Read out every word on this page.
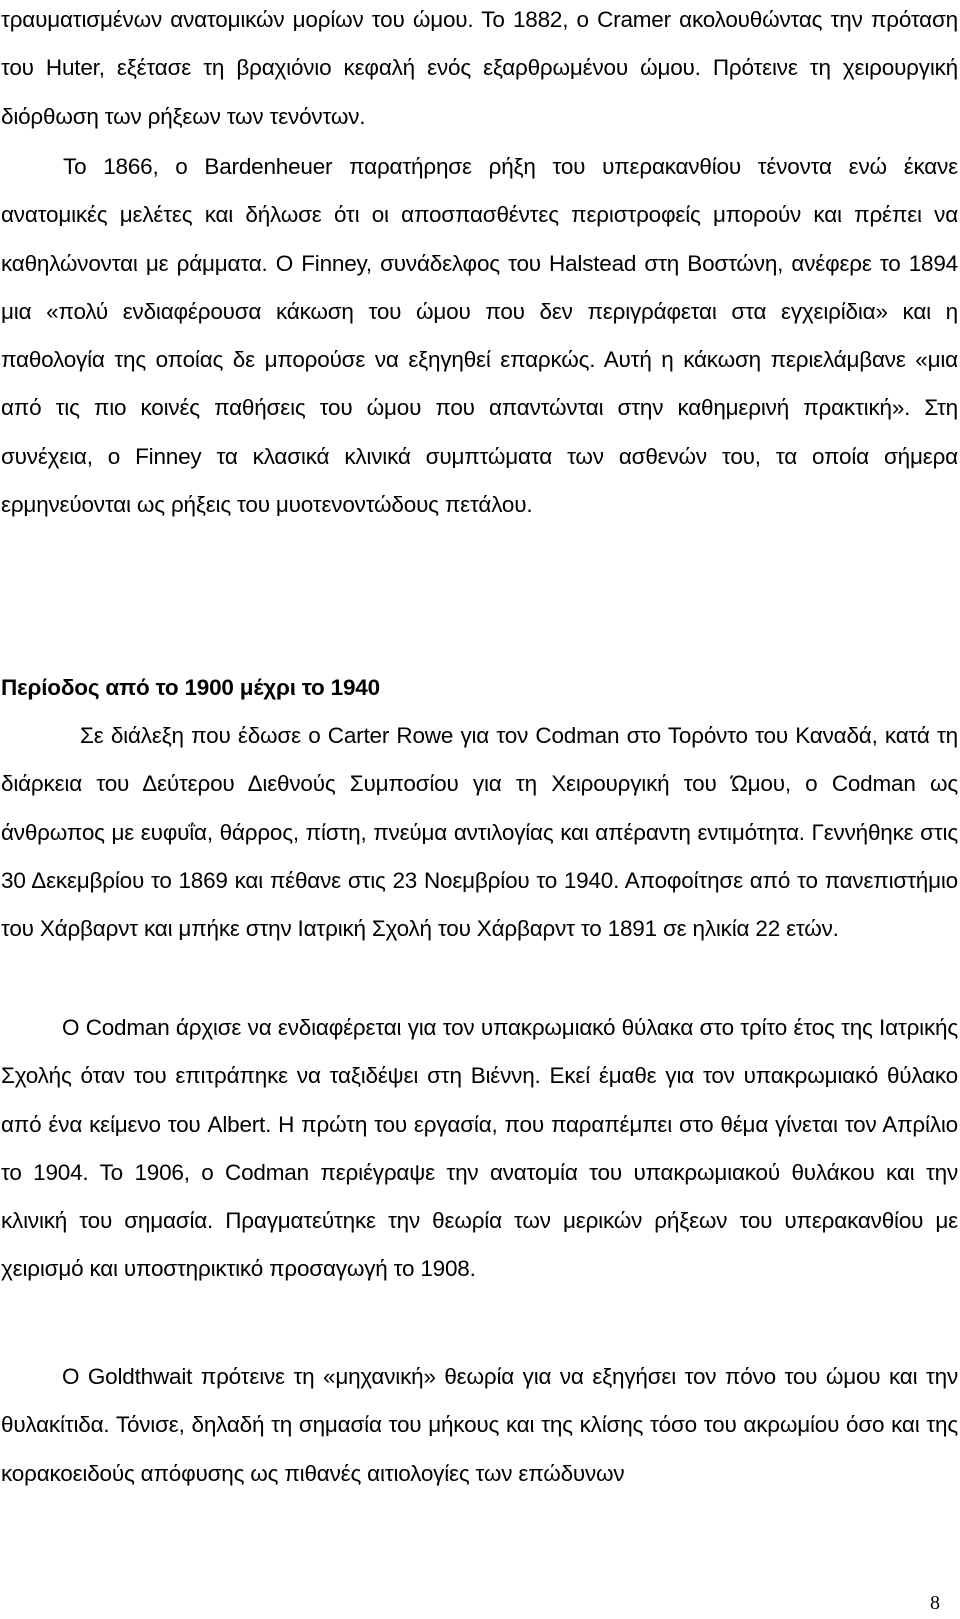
τραυματισμένων ανατομικών μορίων του ώμου. Το 1882, ο Cramer ακολουθώντας την πρόταση του Huter, εξέτασε τη βραχιόνιο κεφαλή ενός εξαρθρωμένου ώμου. Πρότεινε τη χειρουργική διόρθωση των ρήξεων των τενόντων.

Το 1866, ο Bardenheuer παρατήρησε ρήξη του υπερακανθίου τένοντα ενώ έκανε ανατομικές μελέτες και δήλωσε ότι οι αποσπασθέντες περιστροφείς μπορούν και πρέπει να καθηλώνονται με ράμματα. O Finney, συνάδελφος του Halstead στη Βοστώνη, ανέφερε το 1894 μια «πολύ ενδιαφέρουσα κάκωση του ώμου που δεν περιγράφεται στα εγχειρίδια» και η παθολογία της οποίας δε μπορούσε να εξηγηθεί επαρκώς. Αυτή η κάκωση περιελάμβανε «μια από τις πιο κοινές παθήσεις του ώμου που απαντώνται στην καθημερινή πρακτική». Στη συνέχεια, ο Finney τα κλασικά κλινικά συμπτώματα των ασθενών του, τα οποία σήμερα ερμηνεύονται ως ρήξεις του μυοτενοντώδους πετάλου.

Περίοδος από το 1900 μέχρι το 1940

Σε διάλεξη που έδωσε ο Carter Rowe για τον Codman στο Τορόντο του Καναδά, κατά τη διάρκεια του Δεύτερου Διεθνούς Συμποσίου για τη Χειρουργική του Ώμου, ο Codman ως άνθρωπος με ευφυΐα, θάρρος, πίστη, πνεύμα αντιλογίας και απέραντη εντιμότητα. Γεννήθηκε στις 30 Δεκεμβρίου το 1869 και πέθανε στις 23 Νοεμβρίου το 1940. Αποφοίτησε από το πανεπιστήμιο του Χάρβαρντ και μπήκε στην Ιατρική Σχολή του Χάρβαρντ το 1891 σε ηλικία 22 ετών.

Ο Codman άρχισε να ενδιαφέρεται για τον υπακρωμιακό θύλακα στο τρίτο έτος της Ιατρικής Σχολής όταν του επιτράπηκε να ταξιδέψει στη Βιέννη. Εκεί έμαθε για τον υπακρωμιακό θύλακο από ένα κείμενο του Albert. Η πρώτη του εργασία, που παραπέμπει στο θέμα γίνεται τον Απρίλιο το 1904. Το 1906, ο Codman περιέγραψε την ανατομία του υπακρωμιακού θυλάκου και την κλινική του σημασία. Πραγματεύτηκε την θεωρία των μερικών ρήξεων του υπερακανθίου με χειρισμό και υποστηρικτικό προσαγωγή το 1908.

Ο Goldthwait πρότεινε τη «μηχανική» θεωρία για να εξηγήσει τον πόνο του ώμου και την θυλακίτιδα. Τόνισε, δηλαδή τη σημασία του μήκους και της κλίσης τόσο του ακρωμίου όσο και της κορακοειδούς απόφυσης ως πιθανές αιτιολογίες των επώδυνων

8
